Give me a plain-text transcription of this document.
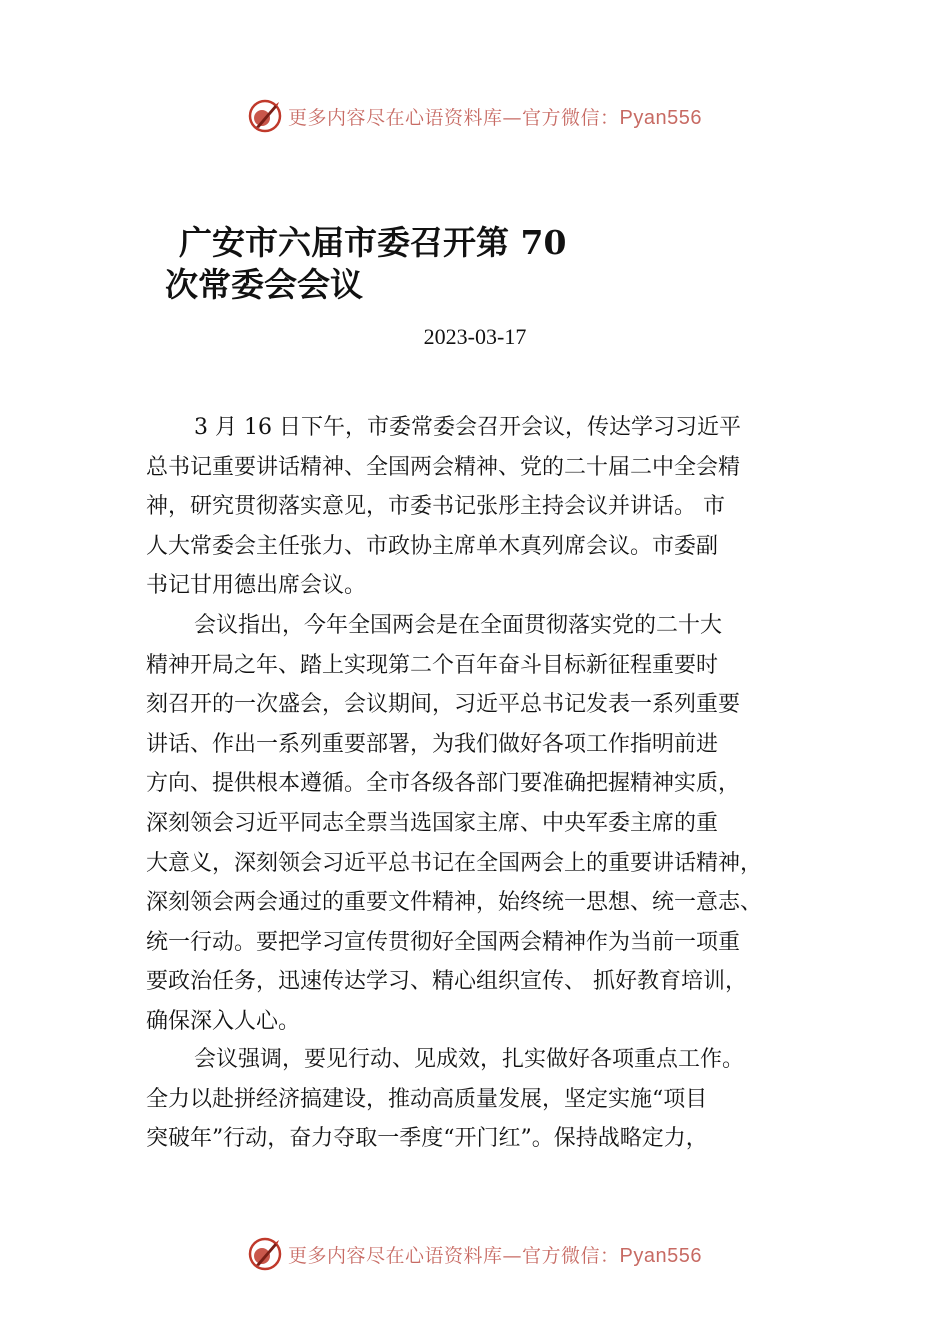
更多内容尽在心语资料库—官方微信：Pyan556
广安市六届市委召开第 70
次常委会会议
2023-03-17

3 月 16 日下午，市委常委会召开会议，传达学习习近平
总书记重要讲话精神、全国两会精神、党的二十届二中全会精
神，研究贯彻落实意见，市委书记张彤主持会议并讲话。 市
人大常委会主任张力、市政协主席单木真列席会议。市委副
书记甘用德出席会议。

会议指出，今年全国两会是在全面贯彻落实党的二十大
精神开局之年、踏上实现第二个百年奋斗目标新征程重要时
刻召开的一次盛会，会议期间，习近平总书记发表一系列重要
讲话、作出一系列重要部署，为我们做好各项工作指明前进
方向、提供根本遵循。全市各级各部门要准确把握精神实质，
深刻领会习近平同志全票当选国家主席、中央军委主席的重
大意义，深刻领会习近平总书记在全国两会上的重要讲话精神，
深刻领会两会通过的重要文件精神，始终统一思想、统一意志、
统一行动。要把学习宣传贯彻好全国两会精神作为当前一项重
要政治任务，迅速传达学习、精心组织宣传、 抓好教育培训，
确保深入人心。

会议强调，要见行动、见成效，扎实做好各项重点工作。
全力以赴拼经济搞建设，推动高质量发展，坚定实施“项目
突破年”行动，奋力夺取一季度“开门红”。保持战略定力，

更多内容尽在心语资料库—官方微信：Pyan556
